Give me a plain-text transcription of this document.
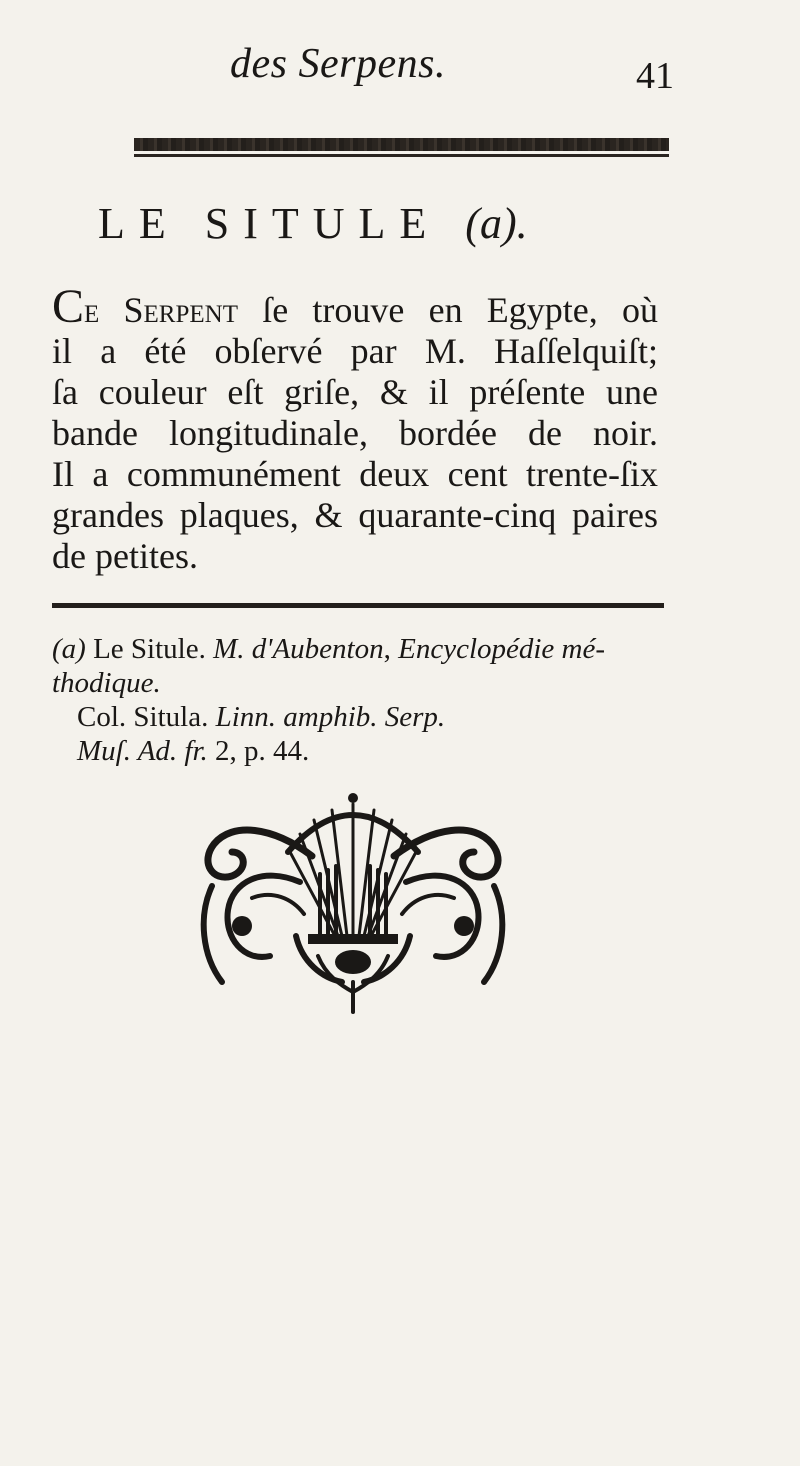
des Serpens.	41
LE SITULE (a).
Ce Serpent ſe trouve en Egypte, où
il a été obſervé par M. Haſſelquiſt;
ſa couleur eſt griſe, & il préſente une
bande longitudinale, bordée de noir.
Il a communément deux cent trente-ſix
grandes plaques, & quarante-cinq paires
de petites.
(a) Le Situle. M. d'Aubenton, Encyclopédie mé-
thodique.
Col. Situla. Linn. amphib. Serp.
Muſ. Ad. fr. 2, p. 44.
